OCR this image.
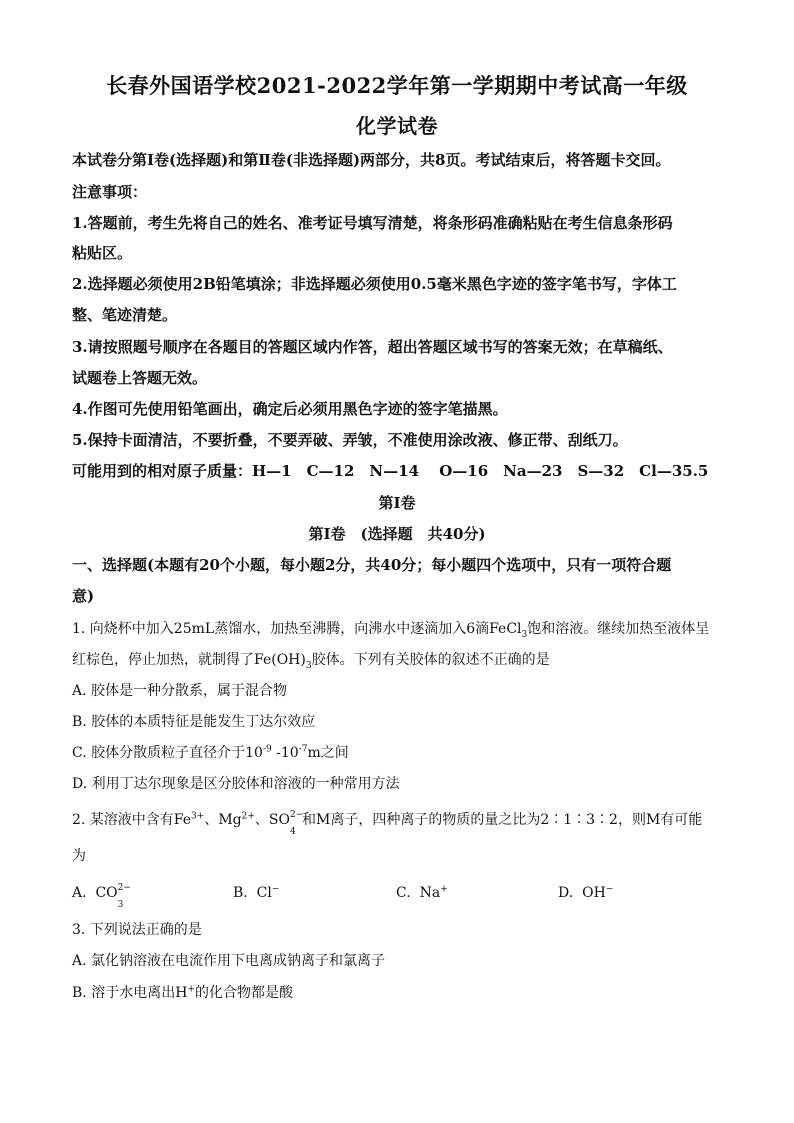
长春外国语学校2021-2022学年第一学期期中考试高一年级
化学试卷
本试卷分第Ⅰ卷(选择题)和第Ⅱ卷(非选择题)两部分，共8页。考试结束后，将答题卡交回。
注意事项：
1.答题前，考生先将自己的姓名、准考证号填写清楚，将条形码准确粘贴在考生信息条形码
粘贴区。
2.选择题必须使用2B铅笔填涂；非选择题必须使用0.5毫米黑色字迹的签字笔书写，字体工
整、笔迹清楚。
3.请按照题号顺序在各题目的答题区域内作答，超出答题区域书写的答案无效；在草稿纸、
试题卷上答题无效。
4.作图可先使用铅笔画出，确定后必须用黑色字迹的签字笔描黑。
5.保持卡面清洁，不要折叠，不要弄破、弄皱，不准使用涂改液、修正带、刮纸刀。
可能用到的相对原子质量：H—1　C—12　N—14　 O—16　Na—23　S—32　Cl—35.5
第Ⅰ卷
第Ⅰ卷　(选择题　共40分)
一、选择题(本题有20个小题，每小题2分，共40分；每小题四个选项中，只有一项符合题
意)
1. 向烧杯中加入25mL蒸馏水，加热至沸腾，向沸水中逐滴加入6滴FeCl$_3$饱和溶液。继续加热至液体呈
红棕色，停止加热，就制得了$Fe(OH)_3$胶体。下列有关胶体的叙述不正确的是
A. 胶体是一种分散系，属于混合物
B. 胶体的本质特征是能发生丁达尔效应
C. 胶体分散质粒子直径介于$10^{-9}$ $-10^{-7}m$之间
D. 利用丁达尔现象是区分胶体和溶液的一种常用方法
2. 某溶液中含有$Fe^{3+}$、$Mg^{2+}$、SO 2−
4
和M离子，四种离子的物质的量之比为2∶1∶3∶2，则M有可能
为
A. CO 2−
3
B. Cl−	C. Na+	D. OH−
3. 下列说法正确的是
A. 氯化钠溶液在电流作用下电离成钠离子和氯离子
B. 溶于水电离出H+的化合物都是酸
